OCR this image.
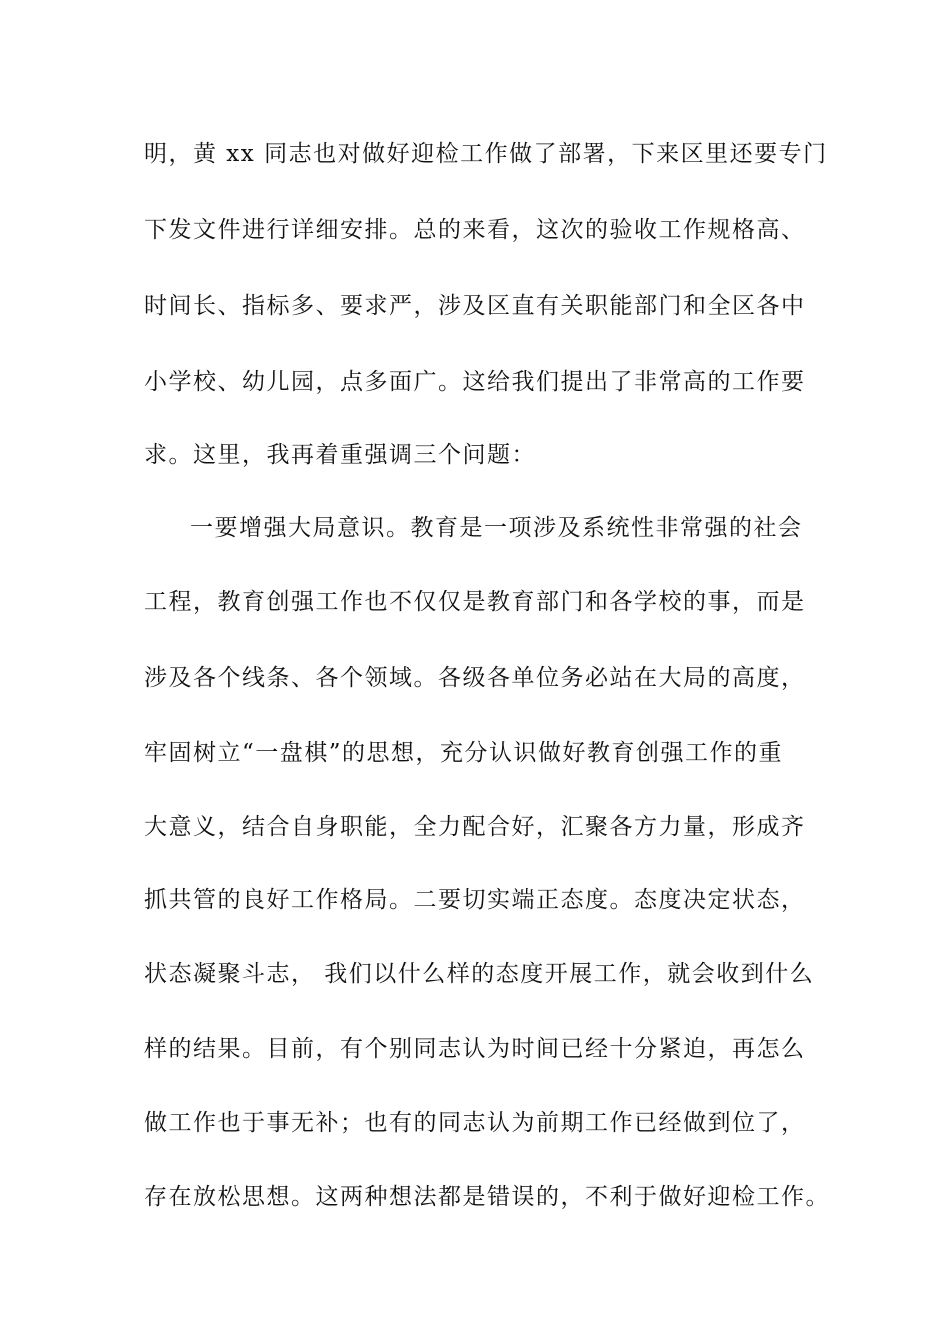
明，黄 xx 同志也对做好迎检工作做了部署，下来区里还要专门
下发文件进行详细安排。总的来看，这次的验收工作规格高、
时间长、指标多、要求严，涉及区直有关职能部门和全区各中
小学校、幼儿园，点多面广。这给我们提出了非常高的工作要
求。这里，我再着重强调三个问题：
一要增强大局意识。教育是一项涉及系统性非常强的社会
工程，教育创强工作也不仅仅是教育部门和各学校的事，而是
涉及各个线条、各个领域。各级各单位务必站在大局的高度，
牢固树立“一盘棋”的思想，充分认识做好教育创强工作的重
大意义，结合自身职能，全力配合好，汇聚各方力量，形成齐
抓共管的良好工作格局。二要切实端正态度。态度决定状态，
状态凝聚斗志， 我们以什么样的态度开展工作，就会收到什么
样的结果。目前，有个别同志认为时间已经十分紧迫，再怎么
做工作也于事无补；也有的同志认为前期工作已经做到位了，
存在放松思想。这两种想法都是错误的，不利于做好迎检工作。
